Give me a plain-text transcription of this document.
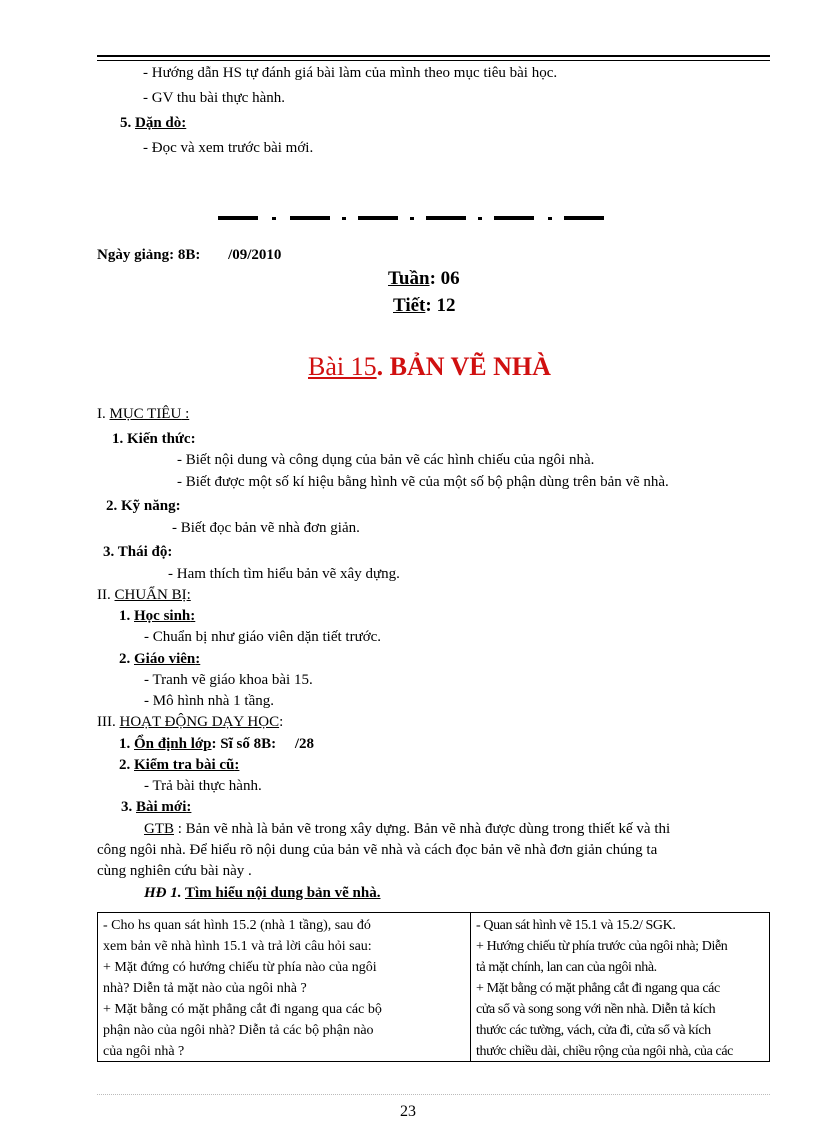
- Hướng dẫn HS tự đánh giá bài làm của mình theo mục tiêu bài học.
- GV thu bài thực hành.
5. Dặn dò:
- Đọc và xem trước bài mới.
Ngày giảng: 8B: /09/2010
Tuần: 06
Tiết: 12
Bài 15. BẢN VẼ NHÀ
I. MỤC TIÊU :
1. Kiến thức:
- Biết nội dung và công dụng của bản vẽ các hình chiếu của ngôi nhà.
- Biết được một số kí hiệu bằng hình vẽ của một số bộ phận dùng trên bản vẽ nhà.
2. Kỹ năng:
- Biết đọc bản vẽ nhà đơn giản.
3. Thái độ:
- Ham thích tìm hiểu bản vẽ xây dựng.
II. CHUẨN BỊ:
1. Học sinh:
- Chuẩn bị như giáo viên dặn tiết trước.
2. Giáo viên:
- Tranh vẽ giáo khoa bài 15.
- Mô hình nhà 1 tầng.
III. HOẠT ĐỘNG DẠY HỌC:
1. Ổn định lớp: Sĩ số 8B:     /28
2. Kiểm tra bài cũ:
- Trả bài thực hành.
3. Bài mới:
GTB : Bản vẽ nhà là bản vẽ trong xây dựng. Bản vẽ nhà được dùng trong thiết kế và thi
công ngôi nhà. Để hiểu rõ nội dung của bản vẽ nhà và cách đọc bản vẽ nhà đơn giản chúng ta
cùng nghiên cứu bài này .
HĐ 1. Tìm hiểu nội dung bản vẽ nhà.

- Cho hs quan sát hình 15.2 (nhà 1 tầng), sau đó

xem bản vẽ nhà hình 15.1 và trả lời câu hỏi sau:

+ Mặt đứng có hướng chiếu từ phía nào của ngôi

nhà? Diễn tả mặt nào của ngôi nhà ?

+ Mặt bằng có mặt phẳng cắt đi ngang qua các bộ

phận nào của ngôi nhà? Diễn tả các bộ phận nào

của ngôi nhà ?

- Quan sát hình vẽ 15.1 và 15.2/ SGK.

+ Hướng chiếu từ phía trước của ngôi nhà; Diễn

tả mặt chính, lan can của ngôi nhà.

+ Mặt bằng có mặt phẳng cắt đi ngang qua các

cửa sổ và song song với nền nhà. Diễn tả kích

thước các tường, vách, cửa đi, cửa sổ và kích

thước chiều dài, chiều rộng của ngôi nhà, của các

23
